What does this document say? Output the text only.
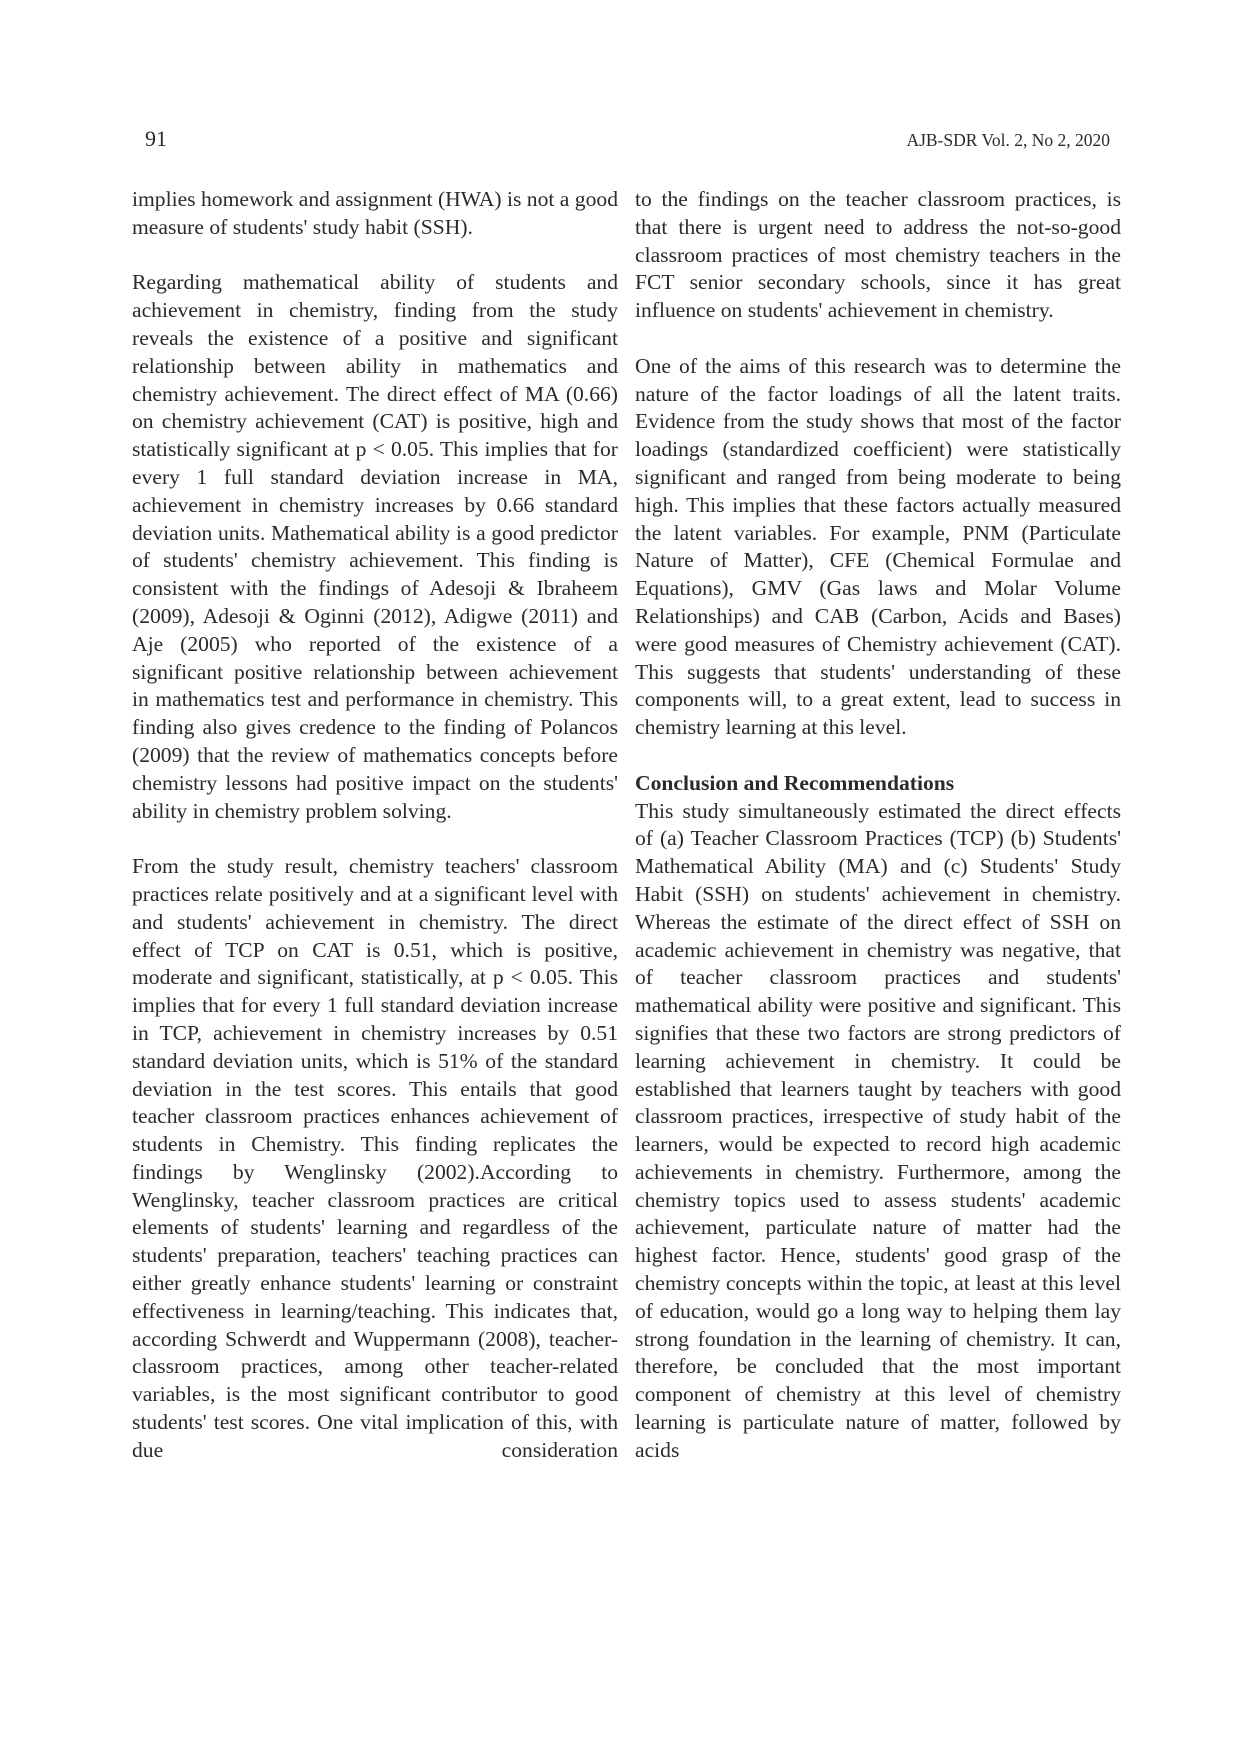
91	AJB-SDR Vol. 2, No 2, 2020

implies homework and assignment (HWA) is not a good measure of students' study habit (SSH).

Regarding mathematical ability of students and achievement in chemistry, finding from the study reveals the existence of a positive and significant relationship between ability in mathematics and chemistry achievement. The direct effect of MA (0.66) on chemistry achievement (CAT) is positive, high and statistically significant at p < 0.05. This implies that for every 1 full standard deviation increase in MA, achievement in chemistry increases by 0.66 standard deviation units. Mathematical ability is a good predictor of students' chemistry achievement. This finding is consistent with the findings of Adesoji & Ibraheem (2009), Adesoji & Oginni (2012), Adigwe (2011) and Aje (2005) who reported of the existence of a significant positive relationship between achievement in mathematics test and performance in chemistry. This finding also gives credence to the finding of Polancos (2009) that the review of mathematics concepts before chemistry lessons had positive impact on the students' ability in chemistry problem solving.

From the study result, chemistry teachers' classroom practices relate positively and at a significant level with and students' achievement in chemistry. The direct effect of TCP on CAT is 0.51, which is positive, moderate and significant, statistically, at p < 0.05. This implies that for every 1 full standard deviation increase in TCP, achievement in chemistry increases by 0.51 standard deviation units, which is 51% of the standard deviation in the test scores. This entails that good teacher classroom practices enhances achievement of students in Chemistry. This finding replicates the findings by Wenglinsky (2002).According to Wenglinsky, teacher classroom practices are critical elements of students' learning and regardless of the students' preparation, teachers' teaching practices can either greatly enhance students' learning or constraint effectiveness in learning/teaching. This indicates that, according Schwerdt and Wuppermann (2008), teacher-classroom practices, among other teacher-related variables, is the most significant contributor to good students' test scores. One vital implication of this, with due consideration

to the findings on the teacher classroom practices, is that there is urgent need to address the not-so-good classroom practices of most chemistry teachers in the FCT senior secondary schools, since it has great influence on students' achievement in chemistry.

One of the aims of this research was to determine the nature of the factor loadings of all the latent traits. Evidence from the study shows that most of the factor loadings (standardized coefficient) were statistically significant and ranged from being moderate to being high. This implies that these factors actually measured the latent variables. For example, PNM (Particulate Nature of Matter), CFE (Chemical Formulae and Equations), GMV (Gas laws and Molar Volume Relationships) and CAB (Carbon, Acids and Bases) were good measures of Chemistry achievement (CAT). This suggests that students' understanding of these components will, to a great extent, lead to success in chemistry learning at this level.

Conclusion and Recommendations

This study simultaneously estimated the direct effects of (a) Teacher Classroom Practices (TCP) (b) Students' Mathematical Ability (MA) and (c) Students' Study Habit (SSH) on students' achievement in chemistry. Whereas the estimate of the direct effect of SSH on academic achievement in chemistry was negative, that of teacher classroom practices and students' mathematical ability were positive and significant. This signifies that these two factors are strong predictors of learning achievement in chemistry. It could be established that learners taught by teachers with good classroom practices, irrespective of study habit of the learners, would be expected to record high academic achievements in chemistry. Furthermore, among the chemistry topics used to assess students' academic achievement, particulate nature of matter had the highest factor. Hence, students' good grasp of the chemistry concepts within the topic, at least at this level of education, would go a long way to helping them lay strong foundation in the learning of chemistry. It can, therefore, be concluded that the most important component of chemistry at this level of chemistry learning is particulate nature of matter, followed by acids
